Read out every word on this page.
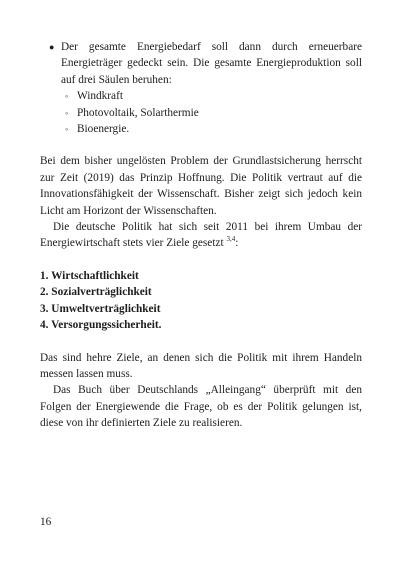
● Der gesamte Energiebedarf soll dann durch erneuerbare Energieträger gedeckt sein. Die gesamte Energieproduktion soll auf drei Säulen beruhen:
◦ Windkraft
◦ Photovoltaik, Solarthermie
◦ Bioenergie.

Bei dem bisher ungelösten Problem der Grundlastsicherung herrscht zur Zeit (2019) das Prinzip Hoffnung. Die Politik vertraut auf die Innovationsfähigkeit der Wissenschaft. Bisher zeigt sich jedoch kein Licht am Horizont der Wissenschaften.

Die deutsche Politik hat sich seit 2011 bei ihrem Umbau der Energiewirtschaft stets vier Ziele gesetzt $^{3,4}$:

1. Wirtschaftlichkeit
2. Sozialverträglichkeit
3. Umweltverträglichkeit
4. Versorgungssicherheit.

Das sind hehre Ziele, an denen sich die Politik mit ihrem Handeln messen lassen muss.

Das Buch über Deutschlands „Alleingang“ überprüft mit den Folgen der Energiewende die Frage, ob es der Politik gelungen ist, diese von ihr definierten Ziele zu realisieren.

16
